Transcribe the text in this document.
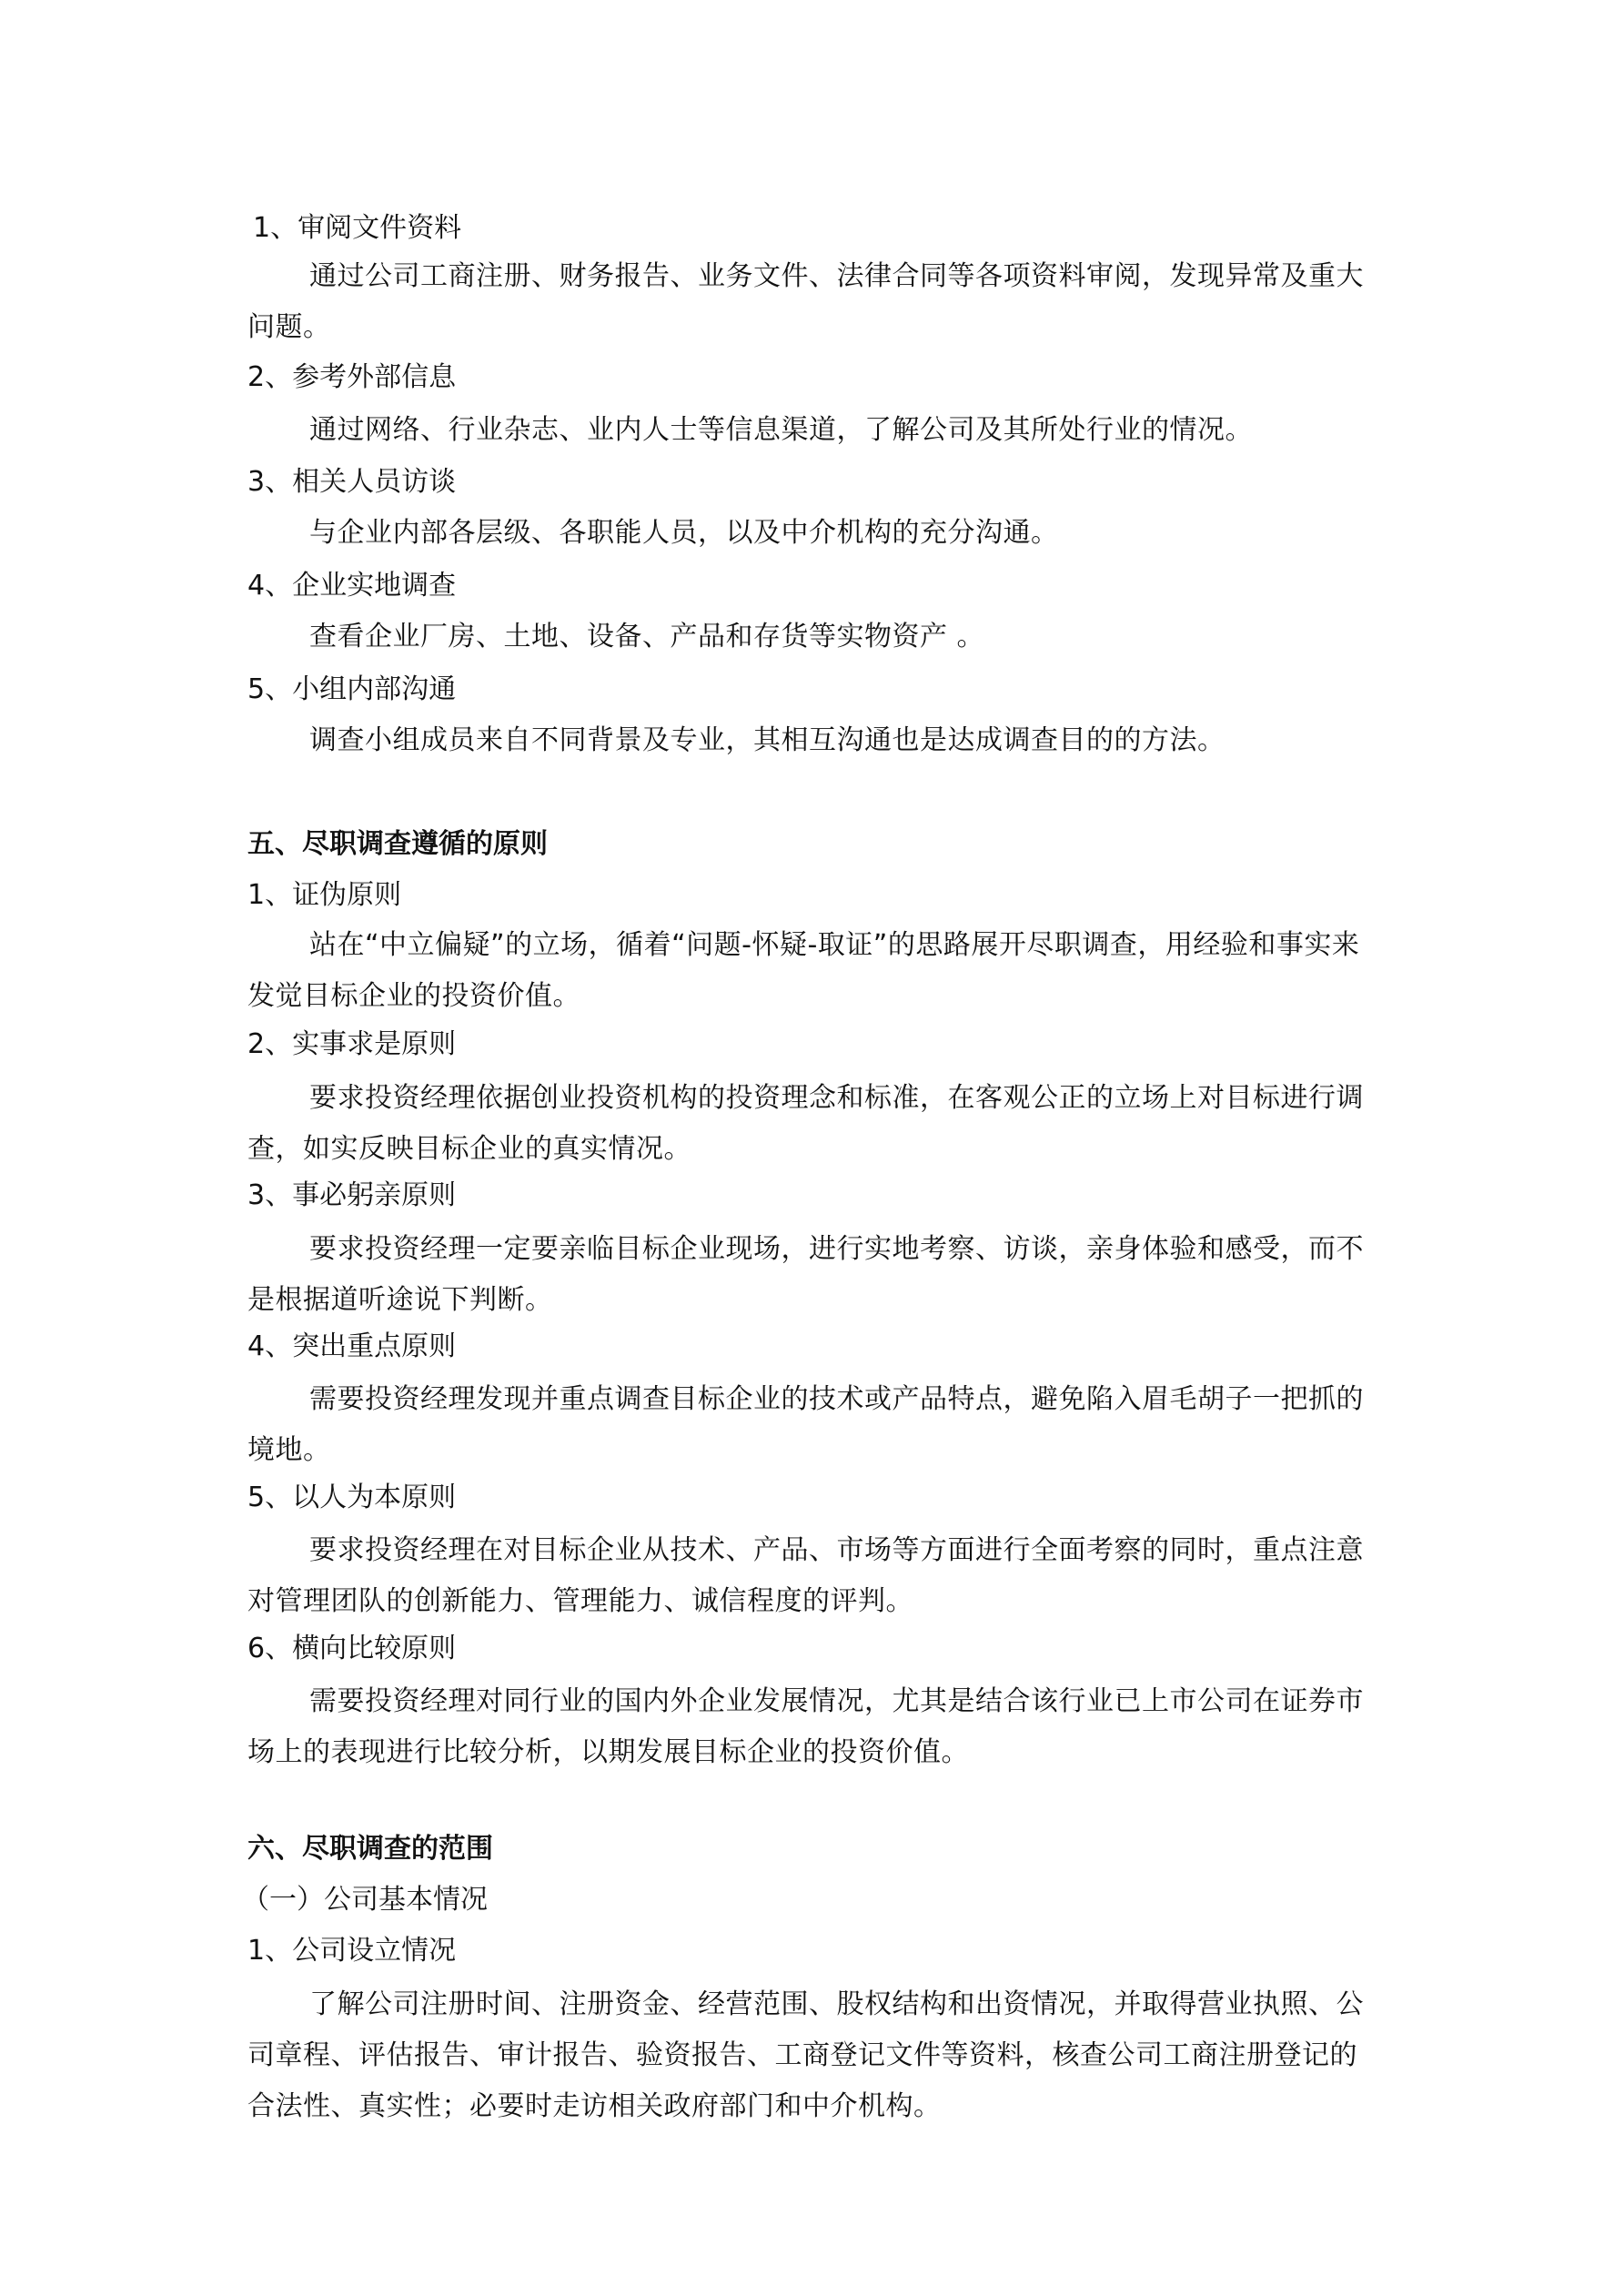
1、审阅文件资料
通过公司工商注册、财务报告、业务文件、法律合同等各项资料审阅，发现异常及重大问题。
2、参考外部信息
通过网络、行业杂志、业内人士等信息渠道，了解公司及其所处行业的情况。
3、相关人员访谈
与企业内部各层级、各职能人员，以及中介机构的充分沟通。
4、企业实地调查
查看企业厂房、土地、设备、产品和存货等实物资产 。
5、小组内部沟通
调查小组成员来自不同背景及专业，其相互沟通也是达成调查目的的方法。
五、尽职调查遵循的原则
1、证伪原则
站在“中立偏疑”的立场，循着“问题-怀疑-取证”的思路展开尽职调查，用经验和事实来发觉目标企业的投资价值。
2、实事求是原则
要求投资经理依据创业投资机构的投资理念和标准，在客观公正的立场上对目标进行调查，如实反映目标企业的真实情况。
3、事必躬亲原则
要求投资经理一定要亲临目标企业现场，进行实地考察、访谈，亲身体验和感受，而不是根据道听途说下判断。
4、突出重点原则
需要投资经理发现并重点调查目标企业的技术或产品特点，避免陷入眉毛胡子一把抓的境地。
5、以人为本原则
要求投资经理在对目标企业从技术、产品、市场等方面进行全面考察的同时，重点注意对管理团队的创新能力、管理能力、诚信程度的评判。
6、横向比较原则
需要投资经理对同行业的国内外企业发展情况，尤其是结合该行业已上市公司在证券市场上的表现进行比较分析，以期发展目标企业的投资价值。
六、尽职调查的范围
（一）公司基本情况
1、公司设立情况
了解公司注册时间、注册资金、经营范围、股权结构和出资情况，并取得营业执照、公司章程、评估报告、审计报告、验资报告、工商登记文件等资料，核查公司工商注册登记的合法性、真实性；必要时走访相关政府部门和中介机构。
